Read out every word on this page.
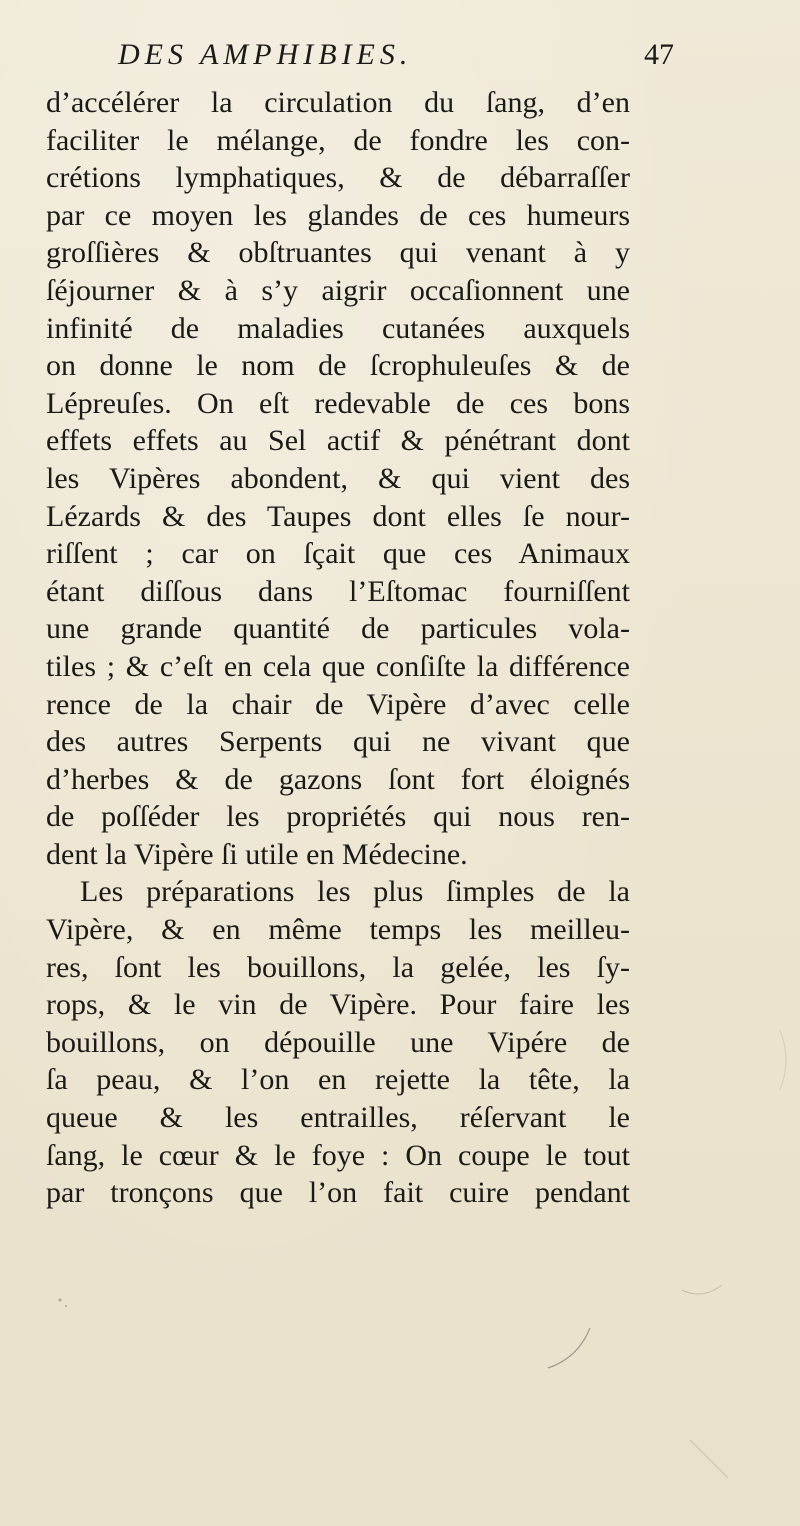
DES AMPHIBIES.	47
d’accélérer la circulation du ſang, d’en
faciliter le mélange, de fondre les con-
crétions lymphatiques, & de débarraſſer
par ce moyen les glandes de ces humeurs
groſſières & obſtruantes qui venant à y
ſéjourner & à s’y aigrir occaſionnent une
infinité de maladies cutanées auxquels
on donne le nom de ſcrophuleuſes & de
Lépreuſes. On eſt redevable de ces bons
effets effets au Sel actif & pénétrant dont
les Vipères abondent, & qui vient des
Lézards & des Taupes dont elles ſe nour-
riſſent ; car on ſçait que ces Animaux
étant diſſous dans l’Eſtomac fourniſſent
une grande quantité de particules vola-
tiles ; & c’eſt en cela que conſiſte la différence
rence de la chair de Vipère d’avec celle
des autres Serpents qui ne vivant que
d’herbes & de gazons ſont fort éloignés
de poſſéder les propriétés qui nous ren-
dent la Vipère ſi utile en Médecine.
Les préparations les plus ſimples de la
Vipère, & en même temps les meilleu-
res, ſont les bouillons, la gelée, les ſy-
rops, & le vin de Vipère. Pour faire les
bouillons, on dépouille une Vipére de
ſa peau, & l’on en rejette la tête, la
queue & les entrailles, réſervant le
ſang, le cœur & le foye : On coupe le tout
par tronçons que l’on fait cuire pendant
